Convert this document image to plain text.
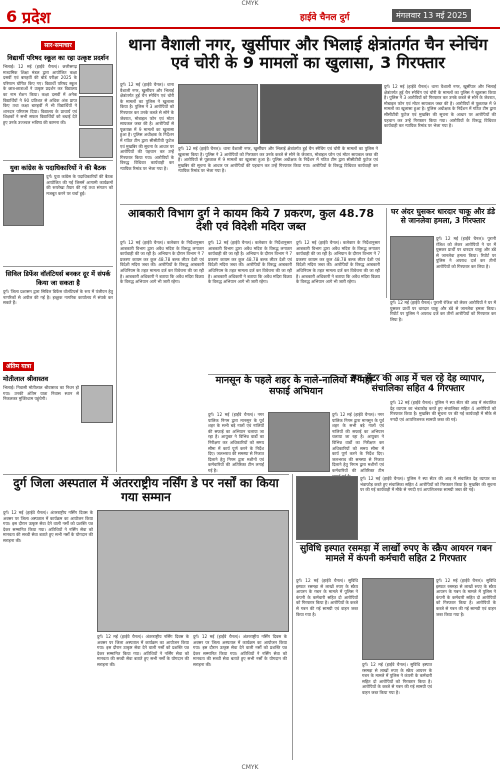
CMYK
6 प्रदेश	हाईवे चैनल दुर्ग	मंगलवार 13 मई 2025
सार-समाचार
विद्यार्थी परिषद स्कूल का रहा उत्कृष्ट प्रदर्शन
भिलाई। 12 मई (हाईवे चैनल)। छत्तीसगढ़ माध्यमिक शिक्षा मंडल द्वारा आयोजित कक्षा दसवीं एवं बारहवीं की बोर्ड परीक्षा 2025 के परिणाम घोषित किए गए। विद्यार्थी परिषद स्कूल के छात्र-छात्राओं ने उत्कृष्ट प्रदर्शन कर विद्यालय का नाम रोशन किया। कक्षा दसवीं में अनेक विद्यार्थियों ने 90 प्रतिशत से अधिक अंक प्राप्त किए तथा कक्षा बारहवीं में भी विद्यार्थियों ने शानदार परिणाम दिया। विद्यालय के प्राचार्य एवं शिक्षकों ने सभी सफल विद्यार्थियों को बधाई देते हुए उनके उज्ज्वल भविष्य की कामना की।
युवा कांग्रेस के पदाधिकारियों ने की बैठक
दुर्ग। युवा कांग्रेस के पदाधिकारियों की बैठक आयोजित की गई जिसमें आगामी कार्यक्रमों की रूपरेखा तैयार की गई तथा संगठन को मजबूत करने पर चर्चा हुई।
सिविल डिफेंस वॉलंटियर्स बनकर दूर में संपर्क किया जा सकता है
दुर्ग। जिला प्रशासन द्वारा सिविल डिफेंस वॉलंटियर्स के रूप में पंजीयन हेतु नागरिकों से अपील की गई है। इच्छुक नागरिक कार्यालय में संपर्क कर सकते हैं।
अंतिम यात्रा
मोतीलाल श्रीवास्तव
भिलाई। निवासी मोतीलाल श्रीवास्तव का निधन हो गया। उनकी अंतिम यात्रा निवास स्थान से निकलकर मुक्तिधाम पहुंचेगी।
थाना वैशाली नगर, खुर्सीपार और भिलाई क्षेत्रांतर्गत चैन स्नेचिंग एवं चोरी के 9 मामलों का खुलासा, 3 गिरफ्तार
दुर्ग। 12 मई (हाईवे चैनल)। थाना वैशाली नगर, खुर्सीपार और भिलाई क्षेत्रांतर्गत हुई चैन स्नेचिंग एवं चोरी के मामलों का पुलिस ने खुलासा किया है। पुलिस ने 3 आरोपियों को गिरफ्तार कर उनके कब्जे से सोने के जेवरात, मोबाइल फोन एवं मोटर सायकल जब्त की है। आरोपियों से पूछताछ में 9 मामलों का खुलासा हुआ है। पुलिस अधीक्षक के निर्देशन में गठित टीम द्वारा सीसीटीवी फुटेज एवं मुखबिर की सूचना के आधार पर आरोपियों की पहचान कर उन्हें गिरफ्तार किया गया। आरोपियों के विरुद्ध विधिवत कार्यवाही कर न्यायिक रिमांड पर भेजा गया है।
दुर्ग। 12 मई (हाईवे चैनल)। थाना वैशाली नगर, खुर्सीपार और भिलाई क्षेत्रांतर्गत हुई चैन स्नेचिंग एवं चोरी के मामलों का पुलिस ने खुलासा किया है। पुलिस ने 3 आरोपियों को गिरफ्तार कर उनके कब्जे से सोने के जेवरात, मोबाइल फोन एवं मोटर सायकल जब्त की है। आरोपियों से पूछताछ में 9 मामलों का खुलासा हुआ है। पुलिस अधीक्षक के निर्देशन में गठित टीम द्वारा सीसीटीवी फुटेज एवं मुखबिर की सूचना के आधार पर आरोपियों की पहचान कर उन्हें गिरफ्तार किया गया। आरोपियों के विरुद्ध विधिवत कार्यवाही कर न्यायिक रिमांड पर भेजा गया है।
दुर्ग। 12 मई (हाईवे चैनल)। थाना वैशाली नगर, खुर्सीपार और भिलाई क्षेत्रांतर्गत हुई चैन स्नेचिंग एवं चोरी के मामलों का पुलिस ने खुलासा किया है। पुलिस ने 3 आरोपियों को गिरफ्तार कर उनके कब्जे से सोने के जेवरात, मोबाइल फोन एवं मोटर सायकल जब्त की है। आरोपियों से पूछताछ में 9 मामलों का खुलासा हुआ है। पुलिस अधीक्षक के निर्देशन में गठित टीम द्वारा सीसीटीवी फुटेज एवं मुखबिर की सूचना के आधार पर आरोपियों की पहचान कर उन्हें गिरफ्तार किया गया। आरोपियों के विरुद्ध विधिवत कार्यवाही कर न्यायिक रिमांड पर भेजा गया है।
आबकारी विभाग दुर्ग ने कायम किये 7 प्रकरण, कुल 48.78 देशी एवं विदेशी मदिरा जब्त
दुर्ग। 12 मई (हाईवे चैनल)। कलेक्टर के निर्देशानुसार आबकारी विभाग द्वारा अवैध मदिरा के विरुद्ध लगातार कार्यवाही की जा रही है। अभियान के दौरान विभाग ने 7 प्रकरण कायम कर कुल 48.78 बल्क लीटर देशी एवं विदेशी मदिरा जब्त की। आरोपियों के विरुद्ध आबकारी अधिनियम के तहत मामला दर्ज कर विवेचना की जा रही है। आबकारी अधिकारी ने बताया कि अवैध मदिरा विक्रय के विरुद्ध अभियान आगे भी जारी रहेगा।
दुर्ग। 12 मई (हाईवे चैनल)। कलेक्टर के निर्देशानुसार आबकारी विभाग द्वारा अवैध मदिरा के विरुद्ध लगातार कार्यवाही की जा रही है। अभियान के दौरान विभाग ने 7 प्रकरण कायम कर कुल 48.78 बल्क लीटर देशी एवं विदेशी मदिरा जब्त की। आरोपियों के विरुद्ध आबकारी अधिनियम के तहत मामला दर्ज कर विवेचना की जा रही है। आबकारी अधिकारी ने बताया कि अवैध मदिरा विक्रय के विरुद्ध अभियान आगे भी जारी रहेगा।
दुर्ग। 12 मई (हाईवे चैनल)। कलेक्टर के निर्देशानुसार आबकारी विभाग द्वारा अवैध मदिरा के विरुद्ध लगातार कार्यवाही की जा रही है। अभियान के दौरान विभाग ने 7 प्रकरण कायम कर कुल 48.78 बल्क लीटर देशी एवं विदेशी मदिरा जब्त की। आरोपियों के विरुद्ध आबकारी अधिनियम के तहत मामला दर्ज कर विवेचना की जा रही है। आबकारी अधिकारी ने बताया कि अवैध मदिरा विक्रय के विरुद्ध अभियान आगे भी जारी रहेगा।
घर अंदर घुसकर धारदार चाकू और डंडे से जानलेवा हमला, 3 गिरफ्तार
दुर्ग। 12 मई (हाईवे चैनल)। पुरानी रंजिश को लेकर आरोपियों ने घर में घुसकर प्रार्थी पर धारदार चाकू और डंडे से जानलेवा हमला किया। रिपोर्ट पर पुलिस ने अपराध दर्ज कर तीनों आरोपियों को गिरफ्तार कर लिया है।
दुर्ग। 12 मई (हाईवे चैनल)। पुरानी रंजिश को लेकर आरोपियों ने घर में घुसकर प्रार्थी पर धारदार चाकू और डंडे से जानलेवा हमला किया। रिपोर्ट पर पुलिस ने अपराध दर्ज कर तीनों आरोपियों को गिरफ्तार कर लिया है।
मानसून के पहले शहर के नाले-नालियों में महा-सफाई अभियान
दुर्ग। 12 मई (हाईवे चैनल)। नगर पालिक निगम द्वारा मानसून के पूर्व शहर के सभी बड़े नालों एवं नालियों की सफाई का अभियान चलाया जा रहा है। आयुक्त ने विभिन्न वार्डों का निरीक्षण कर अधिकारियों को समय सीमा में कार्य पूर्ण करने के निर्देश दिए। जलभराव की समस्या से निजात दिलाने हेतु निगम द्वारा मशीनों एवं कर्मचारियों की अतिरिक्त टीम लगाई गई है।
दुर्ग। 12 मई (हाईवे चैनल)। नगर पालिक निगम द्वारा मानसून के पूर्व शहर के सभी बड़े नालों एवं नालियों की सफाई का अभियान चलाया जा रहा है। आयुक्त ने विभिन्न वार्डों का निरीक्षण कर अधिकारियों को समय सीमा में कार्य पूर्ण करने के निर्देश दिए। जलभराव की समस्या से निजात दिलाने हेतु निगम द्वारा मशीनों एवं कर्मचारियों की अतिरिक्त टीम
स्पा सेंटर की आड़ में चल रहे देह व्यापार, संचालिका सहित 4 गिरफ्तार
दुर्ग। 12 मई (हाईवे चैनल)। पुलिस ने स्पा सेंटर की आड़ में संचालित देह व्यापार का भंडाफोड़ करते हुए संचालिका सहित 4 आरोपियों को गिरफ्तार किया है। मुखबिर की सूचना पर की गई कार्यवाही में मौके से नगदी एवं आपत्तिजनक सामग्री जब्त की गई।
दुर्ग जिला अस्पताल में अंतरराष्ट्रीय नर्सिंग डे पर नर्सों का किया गया सम्मान
दुर्ग। 12 मई (हाईवे चैनल)। अंतरराष्ट्रीय नर्सिंग दिवस के अवसर पर जिला अस्पताल में कार्यक्रम का आयोजन किया गया। इस दौरान उत्कृष्ट सेवा देने वाली नर्सों को प्रशस्ति पत्र देकर सम्मानित किया गया। अतिथियों ने नर्सिंग सेवा को मानवता की सच्ची सेवा बताते हुए सभी नर्सों के योगदान की सराहना की।
दुर्ग। 12 मई (हाईवे चैनल)। अंतरराष्ट्रीय नर्सिंग दिवस के अवसर पर जिला अस्पताल में कार्यक्रम का आयोजन किया गया। इस दौरान उत्कृष्ट सेवा देने वाली नर्सों को प्रशस्ति पत्र देकर सम्मानित किया गया। अतिथियों ने नर्सिंग सेवा को मानवता की सच्ची सेवा बताते हुए सभी नर्सों के योगदान की सराहना की।
दुर्ग। 12 मई (हाईवे चैनल)। अंतरराष्ट्रीय नर्सिंग दिवस के अवसर पर जिला अस्पताल में कार्यक्रम का आयोजन किया गया। इस दौरान उत्कृष्ट सेवा देने वाली नर्सों को प्रशस्ति पत्र देकर सम्मानित किया गया। अतिथियों ने नर्सिंग सेवा को मानवता की सच्ची सेवा बताते हुए सभी नर्सों के योगदान की सराहना की।
दुर्ग। 12 मई (हाईवे चैनल)। पुलिस ने स्पा सेंटर की आड़ में संचालित देह व्यापार का भंडाफोड़ करते हुए संचालिका सहित 4 आरोपियों को गिरफ्तार किया है। मुखबिर की सूचना पर की गई कार्यवाही में मौके से नगदी एवं आपत्तिजनक सामग्री जब्त की गई।
सुविधि इस्पात रसमड़ा में लाखों रुपए के स्क्रैप आयरन गबन मामले में कंपनी कर्मचारी सहित 2 गिरफ्तार
दुर्ग। 12 मई (हाईवे चैनल)। सुविधि इस्पात रसमड़ा से लाखों रुपए के स्क्रैप आयरन के गबन के मामले में पुलिस ने कंपनी के कर्मचारी सहित दो आरोपियों को गिरफ्तार किया है। आरोपियों के कब्जे से गबन की गई सामग्री एवं वाहन जब्त किया गया है।
दुर्ग। 12 मई (हाईवे चैनल)। सुविधि इस्पात रसमड़ा से लाखों रुपए के स्क्रैप आयरन के गबन के मामले में पुलिस ने कंपनी के कर्मचारी सहित दो आरोपियों को गिरफ्तार किया है। आरोपियों के कब्जे से गबन की गई सामग्री एवं वाहन जब्त किया गया है।
दुर्ग। 12 मई (हाईवे चैनल)। सुविधि इस्पात रसमड़ा से लाखों रुपए के स्क्रैप आयरन के गबन के मामले में पुलिस ने कंपनी के कर्मचारी सहित दो आरोपियों को गिरफ्तार किया है। आरोपियों के कब्जे से गबन की गई सामग्री एवं वाहन जब्त किया गया है।
CMYK
